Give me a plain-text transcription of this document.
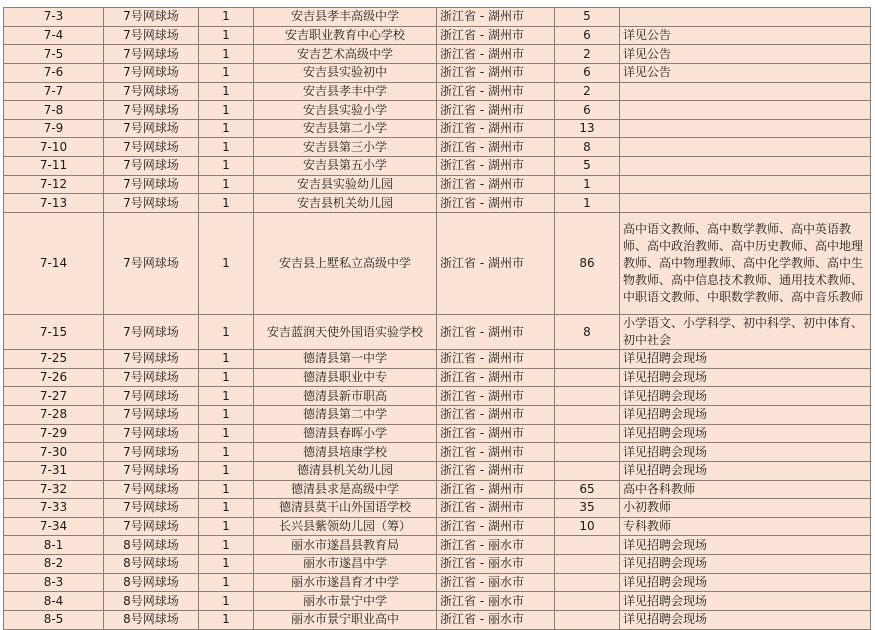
7-3	7号网球场	1	安吉县孝丰高级中学	浙江省 - 湖州市	5	
7-4	7号网球场	1	安吉职业教育中心学校	浙江省 - 湖州市	6	详见公告
7-5	7号网球场	1	安吉艺术高级中学	浙江省 - 湖州市	2	详见公告
7-6	7号网球场	1	安吉县实验初中	浙江省 - 湖州市	6	详见公告
7-7	7号网球场	1	安吉县孝丰中学	浙江省 - 湖州市	2	
7-8	7号网球场	1	安吉县实验小学	浙江省 - 湖州市	6	
7-9	7号网球场	1	安吉县第二小学	浙江省 - 湖州市	13	
7-10	7号网球场	1	安吉县第三小学	浙江省 - 湖州市	8	
7-11	7号网球场	1	安吉县第五小学	浙江省 - 湖州市	5	
7-12	7号网球场	1	安吉县实验幼儿园	浙江省 - 湖州市	1	
7-13	7号网球场	1	安吉县机关幼儿园	浙江省 - 湖州市	1	
7-14	7号网球场	1	安吉县上墅私立高级中学	浙江省 - 湖州市	86	高中语文教师、高中数学教师、高中英语教师、高中政治教师、高中历史教师、高中地理教师、高中物理教师、高中化学教师、高中生物教师、高中信息技术教师、通用技术教师、中职语文教师、中职数学教师、高中音乐教师
7-15	7号网球场	1	安吉蓝润天使外国语实验学校	浙江省 - 湖州市	8	小学语文、小学科学、初中科学、初中体育、初中社会
7-25	7号网球场	1	德清县第一中学	浙江省 - 湖州市		详见招聘会现场
7-26	7号网球场	1	德清县职业中专	浙江省 - 湖州市		详见招聘会现场
7-27	7号网球场	1	德清县新市职高	浙江省 - 湖州市		详见招聘会现场
7-28	7号网球场	1	德清县第二中学	浙江省 - 湖州市		详见招聘会现场
7-29	7号网球场	1	德清县春晖小学	浙江省 - 湖州市		详见招聘会现场
7-30	7号网球场	1	德清县培康学校	浙江省 - 湖州市		详见招聘会现场
7-31	7号网球场	1	德清县机关幼儿园	浙江省 - 湖州市		详见招聘会现场
7-32	7号网球场	1	德清县求是高级中学	浙江省 - 湖州市	65	高中各科教师
7-33	7号网球场	1	德清县莫干山外国语学校	浙江省 - 湖州市	35	小初教师
7-34	7号网球场	1	长兴县紫领幼儿园（筹）	浙江省 - 湖州市	10	专科教师
8-1	8号网球场	1	丽水市遂昌县教育局	浙江省 - 丽水市		详见招聘会现场
8-2	8号网球场	1	丽水市遂昌中学	浙江省 - 丽水市		详见招聘会现场
8-3	8号网球场	1	丽水市遂昌育才中学	浙江省 - 丽水市		详见招聘会现场
8-4	8号网球场	1	丽水市景宁中学	浙江省 - 丽水市		详见招聘会现场
8-5	8号网球场	1	丽水市景宁职业高中	浙江省 - 丽水市		详见招聘会现场
